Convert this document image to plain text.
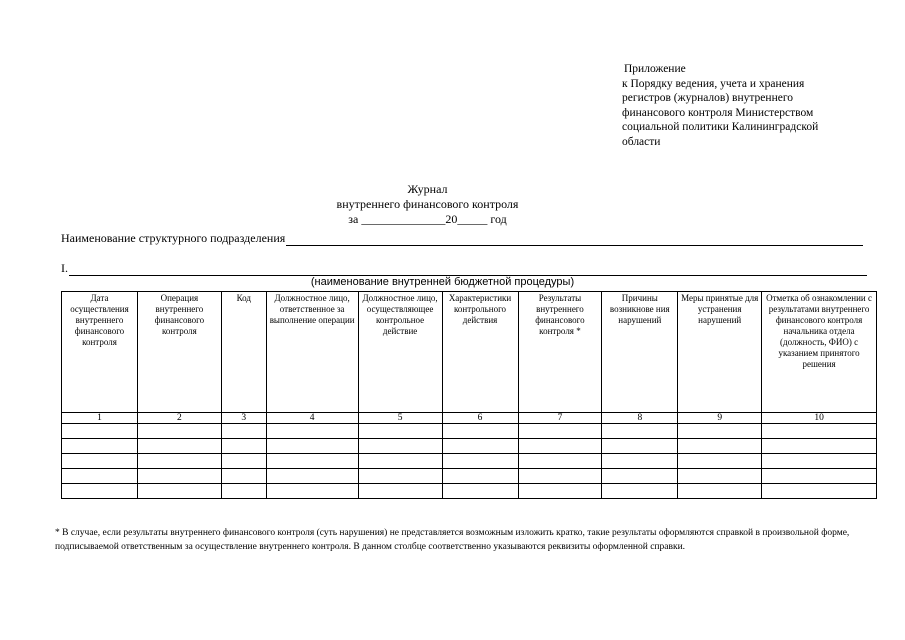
Приложение
к Порядку ведения, учета и хранения
регистров (журналов) внутреннего
финансового контроля Министерством
социальной политики Калининградской
области
Журнал
внутреннего финансового контроля
за ______________20_____ год
Наименование структурного подразделения
I.
(наименование внутренней бюджетной процедуры)
Дата осуществления внутреннего финансового контроля	Операция внутреннего финансового контроля	Код	Должностное лицо, ответственное за выполнение операции	Должностное лицо, осуществляющее контрольное действие	Характеристики контрольного действия	Результаты внутреннего финансового контроля *	Причины возникнове ния нарушений	Меры принятые для устранения нарушений	Отметка об ознакомлении с результатами внутреннего финансового контроля начальника отдела (должность, ФИО) с указанием принятого решения
1	2	3	4	5	6	7	8	9	10

* В случае, если результаты внутреннего финансового контроля (суть нарушения) не представляется возможным изложить кратко, такие результаты оформляются справкой в произвольной форме, подписываемой ответственным за осуществление внутреннего контроля. В данном столбце соответственно указываются реквизиты оформленной справки.
